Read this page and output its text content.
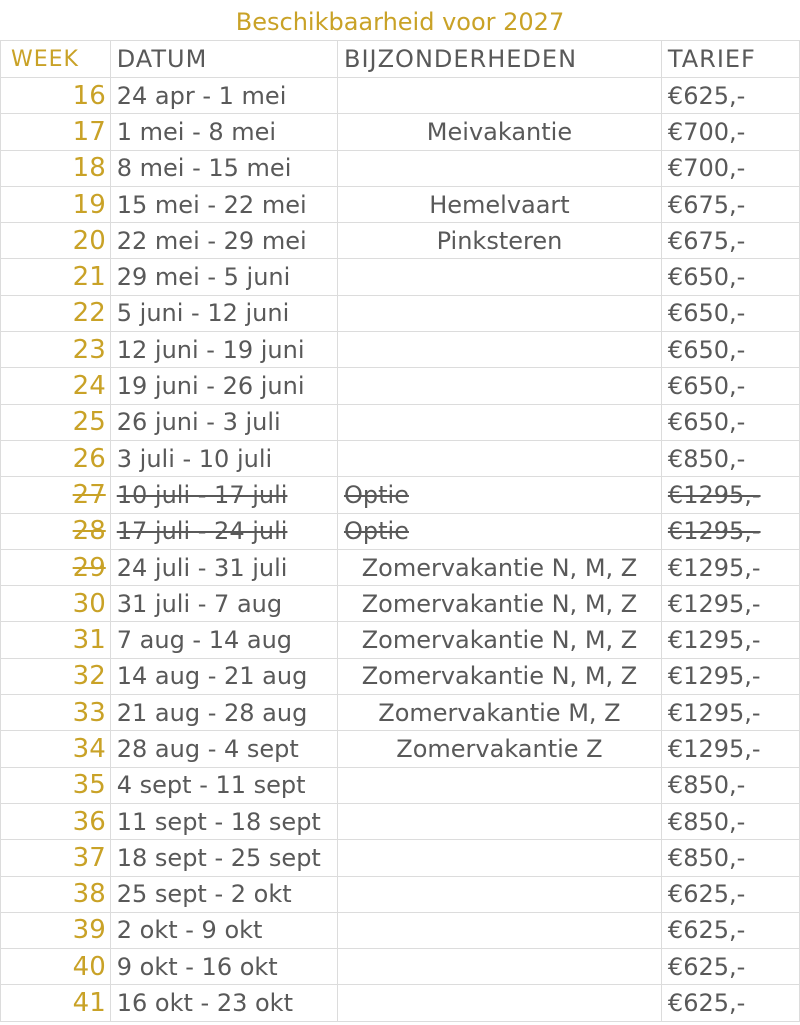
Beschikbaarheid voor 2027
WEEK	DATUM	BIJZONDERHEDEN	TARIEF
16	24 apr - 1 mei		€625,-
17	1 mei - 8 mei	Meivakantie	€700,-
18	8 mei - 15 mei		€700,-
19	15 mei - 22 mei	Hemelvaart	€675,-
20	22 mei - 29 mei	Pinksteren	€675,-
21	29 mei - 5 juni		€650,-
22	5 juni - 12 juni		€650,-
23	12 juni - 19 juni		€650,-
24	19 juni - 26 juni		€650,-
25	26 juni - 3 juli		€650,-
26	3 juli - 10 juli		€850,-
27	10 juli - 17 juli	Optie	€1295,-
28	17 juli - 24 juli	Optie	€1295,-
29	24 juli - 31 juli	Zomervakantie N, M, Z	€1295,-
30	31 juli - 7 aug	Zomervakantie N, M, Z	€1295,-
31	7 aug - 14 aug	Zomervakantie N, M, Z	€1295,-
32	14 aug - 21 aug	Zomervakantie N, M, Z	€1295,-
33	21 aug - 28 aug	Zomervakantie M, Z	€1295,-
34	28 aug - 4 sept	Zomervakantie Z	€1295,-
35	4 sept - 11 sept		€850,-
36	11 sept - 18 sept		€850,-
37	18 sept - 25 sept		€850,-
38	25 sept - 2 okt		€625,-
39	2 okt - 9 okt		€625,-
40	9 okt - 16 okt		€625,-
41	16 okt - 23 okt		€625,-
